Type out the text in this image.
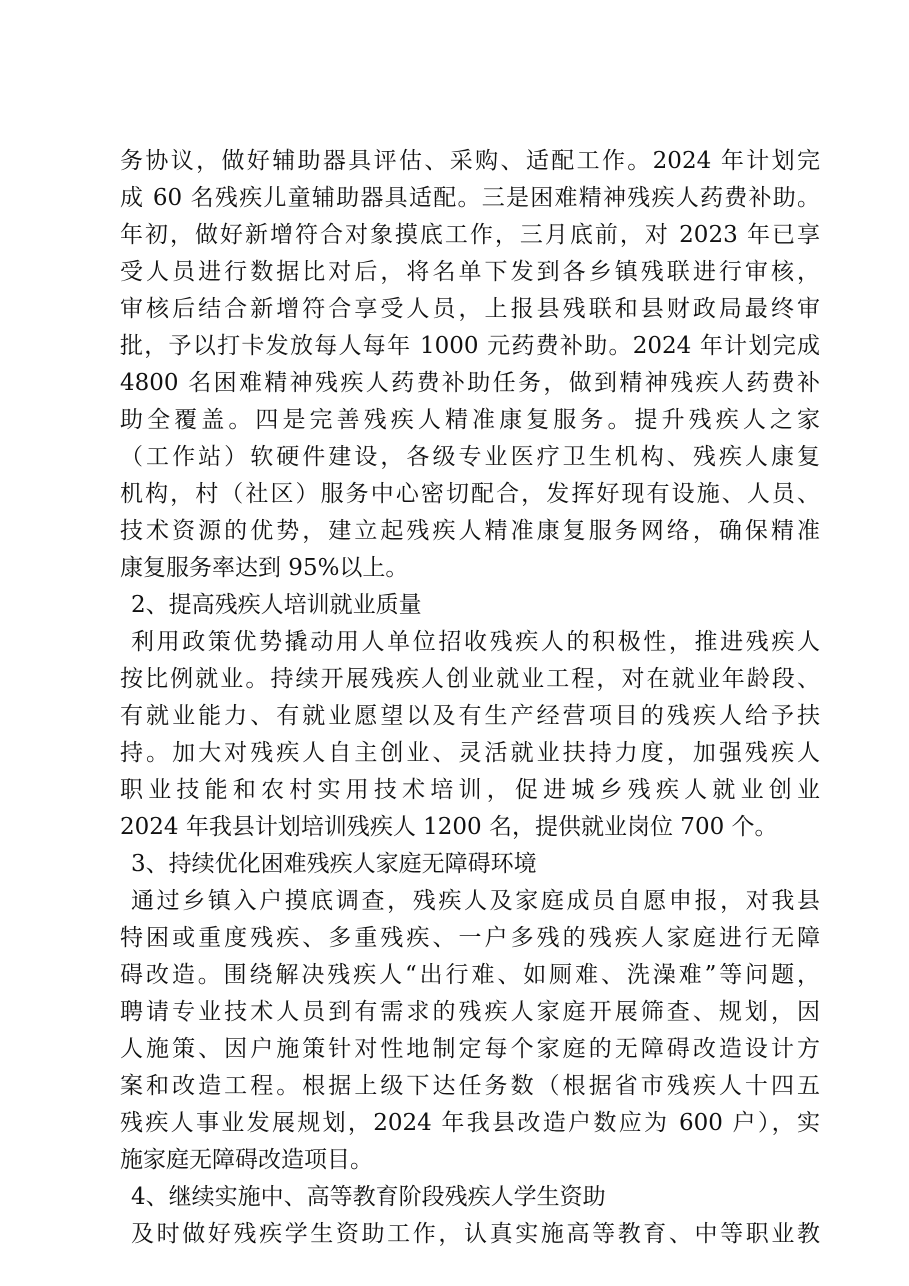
务协议，做好辅助器具评估、采购、适配工作。2024 年计划完
成 60 名残疾儿童辅助器具适配。三是困难精神残疾人药费补助。
年初，做好新增符合对象摸底工作，三月底前，对 2023 年已享
受人员进行数据比对后，将名单下发到各乡镇残联进行审核，
审核后结合新增符合享受人员，上报县残联和县财政局最终审
批，予以打卡发放每人每年 1000 元药费补助。2024 年计划完成
4800 名困难精神残疾人药费补助任务，做到精神残疾人药费补
助全覆盖。四是完善残疾人精准康复服务。提升残疾人之家
（工作站）软硬件建设，各级专业医疗卫生机构、残疾人康复
机构，村（社区）服务中心密切配合，发挥好现有设施、人员、
技术资源的优势，建立起残疾人精准康复服务网络，确保精准
康复服务率达到 95%以上。
2、提高残疾人培训就业质量
利用政策优势撬动用人单位招收残疾人的积极性，推进残疾人
按比例就业。持续开展残疾人创业就业工程，对在就业年龄段、
有就业能力、有就业愿望以及有生产经营项目的残疾人给予扶
持。加大对残疾人自主创业、灵活就业扶持力度，加强残疾人
职业技能和农村实用技术培训，促进城乡残疾人就业创业
2024 年我县计划培训残疾人 1200 名，提供就业岗位 700 个。
3、持续优化困难残疾人家庭无障碍环境
通过乡镇入户摸底调查，残疾人及家庭成员自愿申报，对我县
特困或重度残疾、多重残疾、一户多残的残疾人家庭进行无障
碍改造。围绕解决残疾人“出行难、如厕难、洗澡难”等问题，
聘请专业技术人员到有需求的残疾人家庭开展筛查、规划，因
人施策、因户施策针对性地制定每个家庭的无障碍改造设计方
案和改造工程。根据上级下达任务数（根据省市残疾人十四五
残疾人事业发展规划，2024 年我县改造户数应为 600 户），实
施家庭无障碍改造项目。
4、继续实施中、高等教育阶段残疾人学生资助
及时做好残疾学生资助工作，认真实施高等教育、中等职业教
